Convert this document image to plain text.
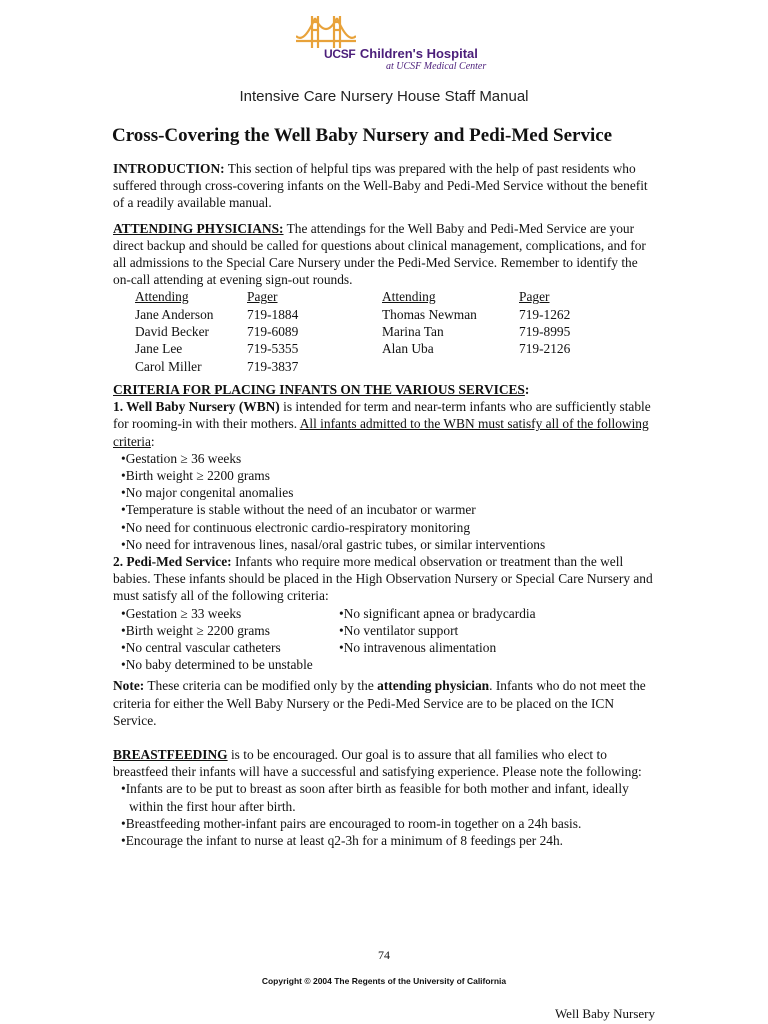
UCSF Children's Hospital
at UCSF Medical Center
Intensive Care Nursery House Staff Manual
Cross-Covering the Well Baby Nursery and Pedi-Med Service

INTRODUCTION: This section of helpful tips was prepared with the help of past residents who suffered through cross-covering infants on the Well-Baby and Pedi-Med Service without the benefit of a readily available manual.

ATTENDING PHYSICIANS: The attendings for the Well Baby and Pedi-Med Service are your direct backup and should be called for questions about clinical management, complications, and for all admissions to the Special Care Nursery under the Pedi-Med Service. Remember to identify the on-call attending at evening sign-out rounds.

Attending	Pager	Attending	Pager
Jane Anderson	719-1884	Thomas Newman	719-1262
David Becker	719-6089	Marina Tan	719-8995
Jane Lee	719-5355	Alan Uba	719-2126
Carol Miller	719-3837		

CRITERIA FOR PLACING INFANTS ON THE VARIOUS SERVICES:

1. Well Baby Nursery (WBN) is intended for term and near-term infants who are sufficiently stable for rooming-in with their mothers. All infants admitted to the WBN must satisfy all of the following criteria:

• Gestation ≥ 36 weeks
• Birth weight ≥ 2200 grams
• No major congenital anomalies
• Temperature is stable without the need of an incubator or warmer
• No need for continuous electronic cardio-respiratory monitoring
• No need for intravenous lines, nasal/oral gastric tubes, or similar interventions

2. Pedi-Med Service: Infants who require more medical observation or treatment than the well babies. These infants should be placed in the High Observation Nursery or Special Care Nursery and must satisfy all of the following criteria:

• Gestation ≥ 33 weeks	• No significant apnea or bradycardia
• Birth weight ≥ 2200 grams	• No ventilator support
• No central vascular catheters	• No intravenous alimentation
• No baby determined to be unstable

Note: These criteria can be modified only by the attending physician. Infants who do not meet the criteria for either the Well Baby Nursery or the Pedi-Med Service are to be placed on the ICN Service.

BREASTFEEDING is to be encouraged. Our goal is to assure that all families who elect to breastfeed their infants will have a successful and satisfying experience. Please note the following:

• Infants are to be put to breast as soon after birth as feasible for both mother and infant, ideally within the first hour after birth.
• Breastfeeding mother-infant pairs are encouraged to room-in together on a 24h basis.
• Encourage the infant to nurse at least q2-3h for a minimum of 8 feedings per 24h.
74
Copyright © 2004 The Regents of the University of California
Well Baby Nursery
